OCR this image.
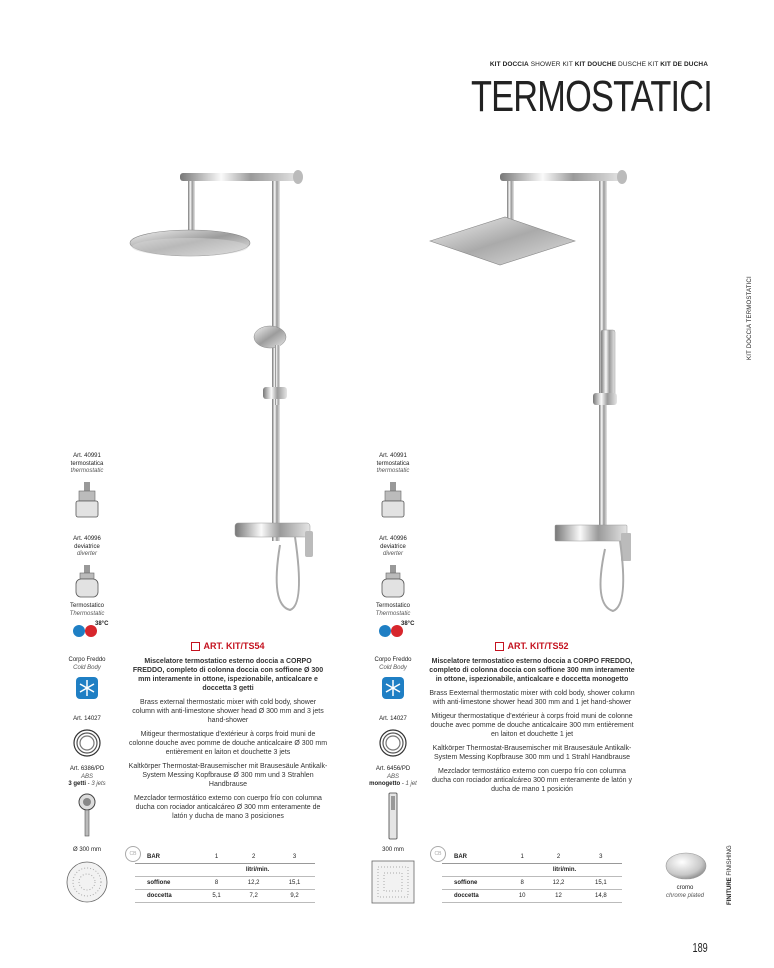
KIT DOCCIA SHOWER KIT KIT DOUCHE DUSCHE KIT KIT DE DUCHA
TERMOSTATICI
KIT DOCCIA TERMOSTATICI
Art. 40991
termostatica
thermostatic
Art. 40996
deviatrice
diverter
Termostatico
Thermostatic
38°C
Corpo Freddo
Cold Body
Art. 14027
Art. 6386/PD
ABS
3 getti - 3 jets
Ø 300 mm
Art. 40991
termostatica
thermostatic
Art. 40996
deviatrice
diverter
Termostatico
Thermostatic
38°C
Corpo Freddo
Cold Body
Art. 14027
Art. 6456/PD
ABS
monogetto - 1 jet
300 mm
ART. KIT/TS54
Miscelatore termostatico esterno doccia a CORPO FREDDO, completo di colonna doccia con soffione Ø 300 mm interamente in ottone, ispezionabile, anticalcare e doccetta 3 getti

Brass external thermostatic mixer with cold body, shower column with anti-limestone shower head Ø 300 mm and 3 jets hand-shower

Mitigeur thermostatique d'extérieur à corps froid muni de colonne douche avec pomme de douche anticalcaire Ø 300 mm entièrement en laiton et douchette 3 jets

Kaltkörper Thermostat-Brausemischer mit Brausesäule Antikalk-System Messing Kopfbrause Ø 300 mm und 3 Strahlen Handbrause

Mezclador termostático externo con cuerpo frío con columna ducha con rociador anticalcáreo Ø 300 mm enteramente de latón y ducha de mano 3 posiciones

CB	BAR	1	2	3
	litri/min.		
soffione	8	12,2	15,1
doccetta	5,1	7,2	9,2
ART. KIT/TS52
Miscelatore termostatico esterno doccia a CORPO FREDDO, completo di colonna doccia con soffione 300 mm interamente in ottone, ispezionabile, anticalcare e doccetta monogetto

Brass Eexternal thermostatic mixer with cold body, shower column with anti-limestone shower head 300 mm and 1 jet hand-shower

Mitigeur thermostatique d'extérieur à corps froid muni de colonne douche avec pomme de douche anticalcaire 300 mm entièrement en laiton et douchette 1 jet

Kaltkörper Thermostat-Brausemischer mit Brausesäule Antikalk-System Messing Kopfbrause 300 mm und 1 Strahl Handbrause

Mezclador termostático externo con cuerpo frío con columna ducha con rociador anticalcáreo 300 mm enteramente de latón y ducha de mano 1 posición

CB	BAR	1	2	3
	litri/min.		
soffione	8	12,2	15,1
doccetta	10	12	14,8
cromo
chrome plated	FINITURE FINISHING
189
